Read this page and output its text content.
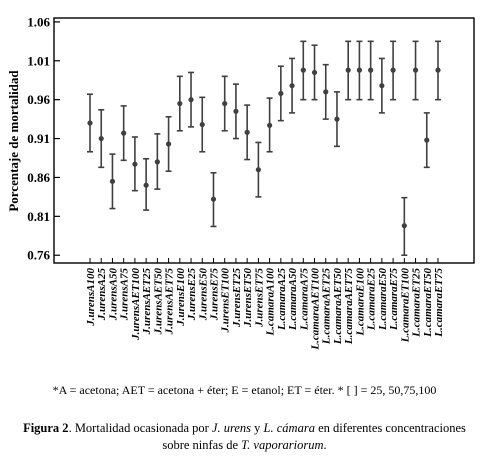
0.76
0.81
0.86
0.91
0.96
1.01
1.06
J.urensA100 J.urensA25 J.urensA50 J.urensA75 J.urensAET100 J.urensAET25 J.urensAET50 J.urensAET75 J.urensE100 J.urensE25 J.urensE50 J.urensE75 J.urensET100 J.urensET25 J.urensET50 J.urensET75 L.camaraA100 L.camaraA25 L.camaraA50 L.camaraA75 L.camaraAET100 L.camaraAET25 L.camaraAET50 L.camaraAET75 L.camaraE100 L.camaraE25 L.camaraE50 L.camaraE75 L.camaraET100 L.camaraET25 L.camaraET50 L.camaraET75
Porcentaje de mortalidad
*A = acetona; AET = acetona + éter; E = etanol; ET = éter. * [ ] = 25, 50,75,100
Figura 2. Mortalidad ocasionada por J. urens y L. cámara en diferentes concentraciones sobre ninfas de T. vaporariorum.
